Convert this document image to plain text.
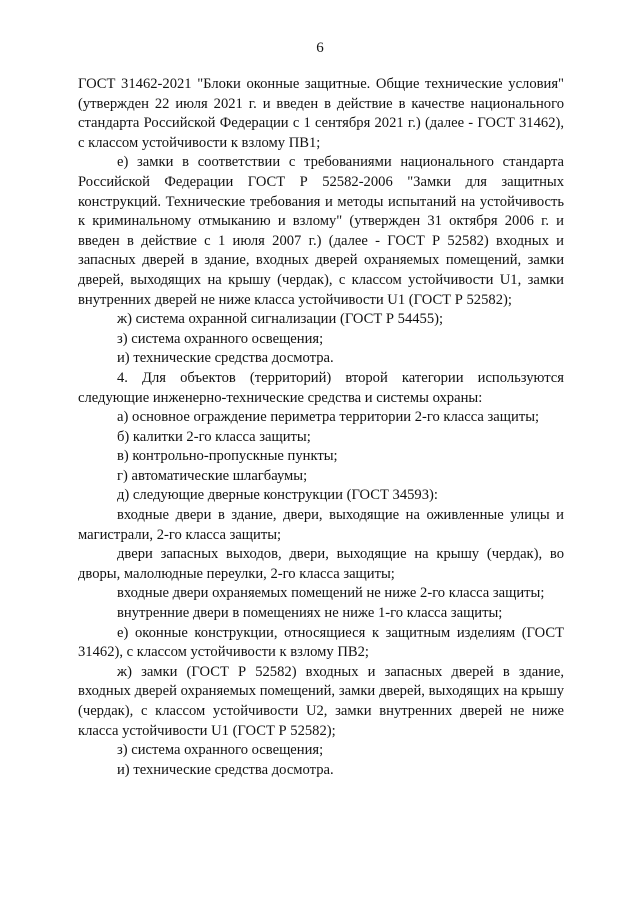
6

ГОСТ 31462-2021 "Блоки оконные защитные. Общие технические условия" (утвержден 22 июля 2021 г. и введен в действие в качестве национального стандарта Российской Федерации с 1 сентября 2021 г.) (далее - ГОСТ 31462), с классом устойчивости к взлому ПВ1;

е) замки в соответствии с требованиями национального стандарта Российской Федерации ГОСТ Р 52582-2006 "Замки для защитных конструкций. Технические требования и методы испытаний на устойчивость к криминальному отмыканию и взлому" (утвержден 31 октября 2006 г. и введен в действие с 1 июля 2007 г.) (далее - ГОСТ Р 52582) входных и запасных дверей в здание, входных дверей охраняемых помещений, замки дверей, выходящих на крышу (чердак), с классом устойчивости U1, замки внутренних дверей не ниже класса устойчивости U1 (ГОСТ Р 52582);

ж) система охранной сигнализации (ГОСТ Р 54455);

з) система охранного освещения;

и) технические средства досмотра.

4. Для объектов (территорий) второй категории используются следующие инженерно-технические средства и системы охраны:

а) основное ограждение периметра территории 2-го класса защиты;

б) калитки 2-го класса защиты;

в) контрольно-пропускные пункты;

г) автоматические шлагбаумы;

д) следующие дверные конструкции (ГОСТ 34593):

входные двери в здание, двери, выходящие на оживленные улицы и магистрали, 2-го класса защиты;

двери запасных выходов, двери, выходящие на крышу (чердак), во дворы, малолюдные переулки, 2-го класса защиты;

входные двери охраняемых помещений не ниже 2-го класса защиты;

внутренние двери в помещениях не ниже 1-го класса защиты;

е) оконные конструкции, относящиеся к защитным изделиям (ГОСТ 31462), с классом устойчивости к взлому ПВ2;

ж) замки (ГОСТ Р 52582) входных и запасных дверей в здание, входных дверей охраняемых помещений, замки дверей, выходящих на крышу (чердак), с классом устойчивости U2, замки внутренних дверей не ниже класса устойчивости U1 (ГОСТ Р 52582);

з) система охранного освещения;

и) технические средства досмотра.
